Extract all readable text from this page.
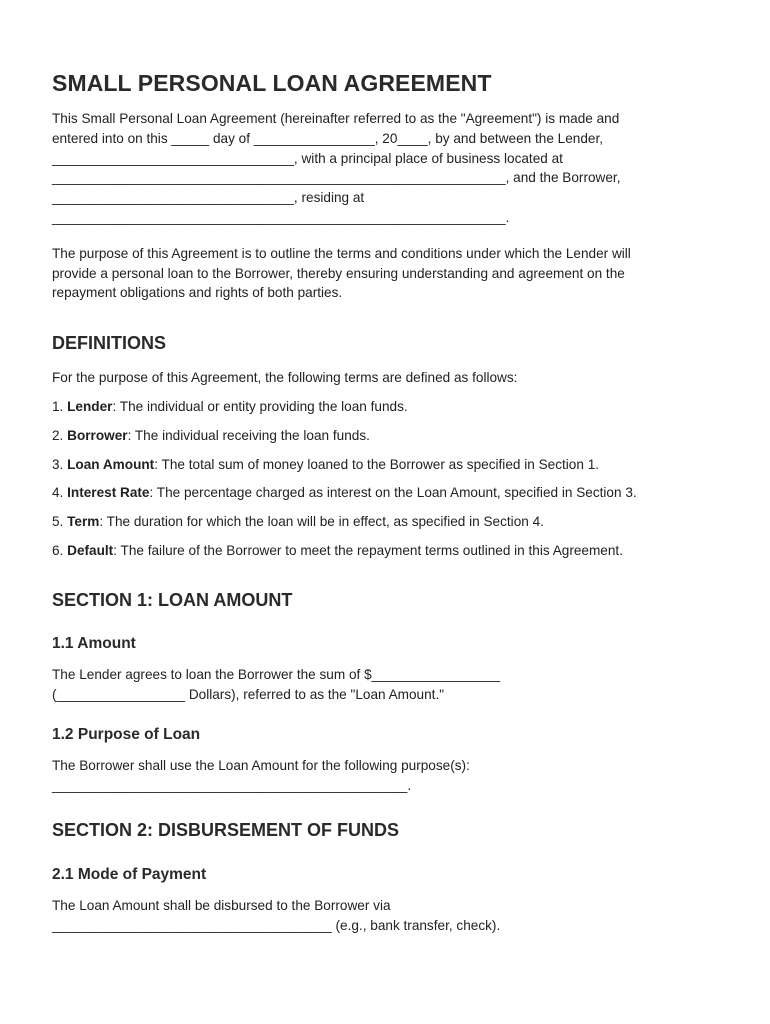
SMALL PERSONAL LOAN AGREEMENT

This Small Personal Loan Agreement (hereinafter referred to as the "Agreement") is made and
entered into on this _____ day of ________________, 20____, by and between the Lender,
________________________________, with a principal place of business located at
____________________________________________________________, and the Borrower,
________________________________, residing at
____________________________________________________________.

The purpose of this Agreement is to outline the terms and conditions under which the Lender will
provide a personal loan to the Borrower, thereby ensuring understanding and agreement on the
repayment obligations and rights of both parties.

DEFINITIONS

For the purpose of this Agreement, the following terms are defined as follows:

1. Lender: The individual or entity providing the loan funds.

2. Borrower: The individual receiving the loan funds.

3. Loan Amount: The total sum of money loaned to the Borrower as specified in Section 1.

4. Interest Rate: The percentage charged as interest on the Loan Amount, specified in Section 3.

5. Term: The duration for which the loan will be in effect, as specified in Section 4.

6. Default: The failure of the Borrower to meet the repayment terms outlined in this Agreement.

SECTION 1: LOAN AMOUNT
1.1 Amount

The Lender agrees to loan the Borrower the sum of $_________________
(_________________ Dollars), referred to as the "Loan Amount."

1.2 Purpose of Loan

The Borrower shall use the Loan Amount for the following purpose(s):
_______________________________________________.

SECTION 2: DISBURSEMENT OF FUNDS
2.1 Mode of Payment

The Loan Amount shall be disbursed to the Borrower via
_____________________________________ (e.g., bank transfer, check).
